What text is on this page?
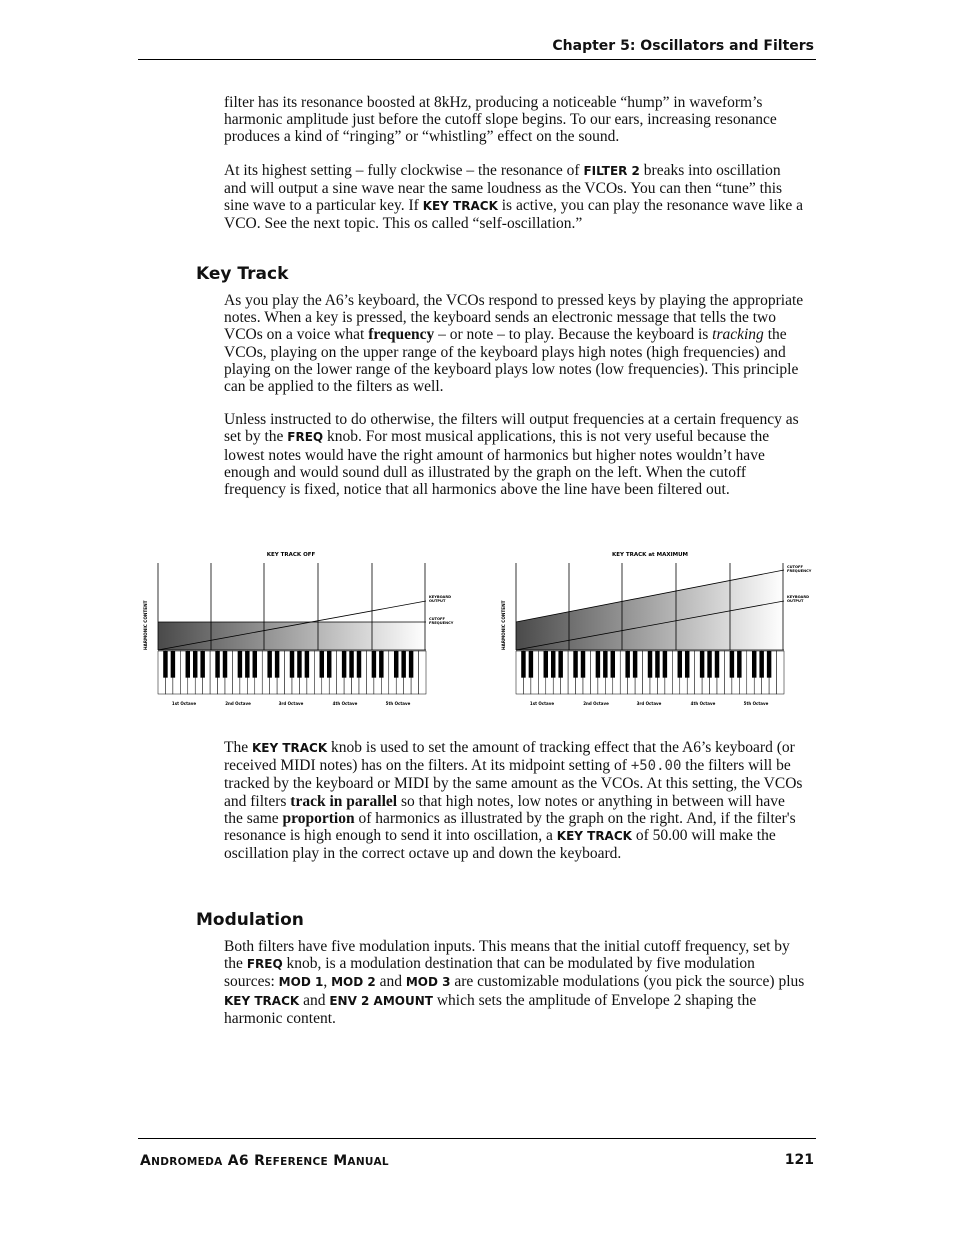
Chapter 5: Oscillators and Filters

filter has its resonance boosted at 8kHz, producing a noticeable “hump” in waveform’s harmonic amplitude just before the cutoff slope begins. To our ears, increasing resonance produces a kind of “ringing” or “whistling” effect on the sound.

At its highest setting – fully clockwise – the resonance of FILTER 2 breaks into oscillation and will output a sine wave near the same loudness as the VCOs. You can then “tune” this sine wave to a particular key. If KEY TRACK is active, you can play the resonance wave like a VCO. See the next topic. This os called “self-oscillation.”

Key Track

As you play the A6’s keyboard, the VCOs respond to pressed keys by playing the appropriate notes. When a key is pressed, the keyboard sends an electronic message that tells the two VCOs on a voice what frequency – or note – to play. Because the keyboard is tracking the VCOs, playing on the upper range of the keyboard plays high notes (high frequencies) and playing on the lower range of the keyboard plays low notes (low frequencies). This principle can be applied to the filters as well.

Unless instructed to do otherwise, the filters will output frequencies at a certain frequency as set by the FREQ knob. For most musical applications, this is not very useful because the lowest notes would have the right amount of harmonics but higher notes wouldn’t have enough and would sound dull as illustrated by the graph on the left. When the cutoff frequency is fixed, notice that all harmonics above the line have been filtered out.

KEY TRACK OFF
KEYBOARD OUTPUT
CUTOFF FREQUENCY
HARMONIC CONTENT
1st Octave	2nd Octave	3rd Octave	4th Octave	5th Octave
KEY TRACK at MAXIMUM
CUTOFF FREQUENCY
KEYBOARD OUTPUT
HARMONIC CONTENT
1st Octave	2nd Octave	3rd Octave	4th Octave	5th Octave

The KEY TRACK knob is used to set the amount of tracking effect that the A6’s keyboard (or received MIDI notes) has on the filters. At its midpoint setting of +50.00 the filters will be tracked by the keyboard or MIDI by the same amount as the VCOs. At this setting, the VCOs and filters track in parallel so that high notes, low notes or anything in between will have the same proportion of harmonics as illustrated by the graph on the right. And, if the filter's resonance is high enough to send it into oscillation, a KEY TRACK of 50.00 will make the oscillation play in the correct octave up and down the keyboard.

Modulation

Both filters have five modulation inputs. This means that the initial cutoff frequency, set by the FREQ knob, is a modulation destination that can be modulated by five modulation sources: MOD 1, MOD 2 and MOD 3 are customizable modulations (you pick the source) plus KEY TRACK and ENV 2 AMOUNT which sets the amplitude of Envelope 2 shaping the harmonic content.

ANDROMEDA A6 REFERENCE MANUAL	121
